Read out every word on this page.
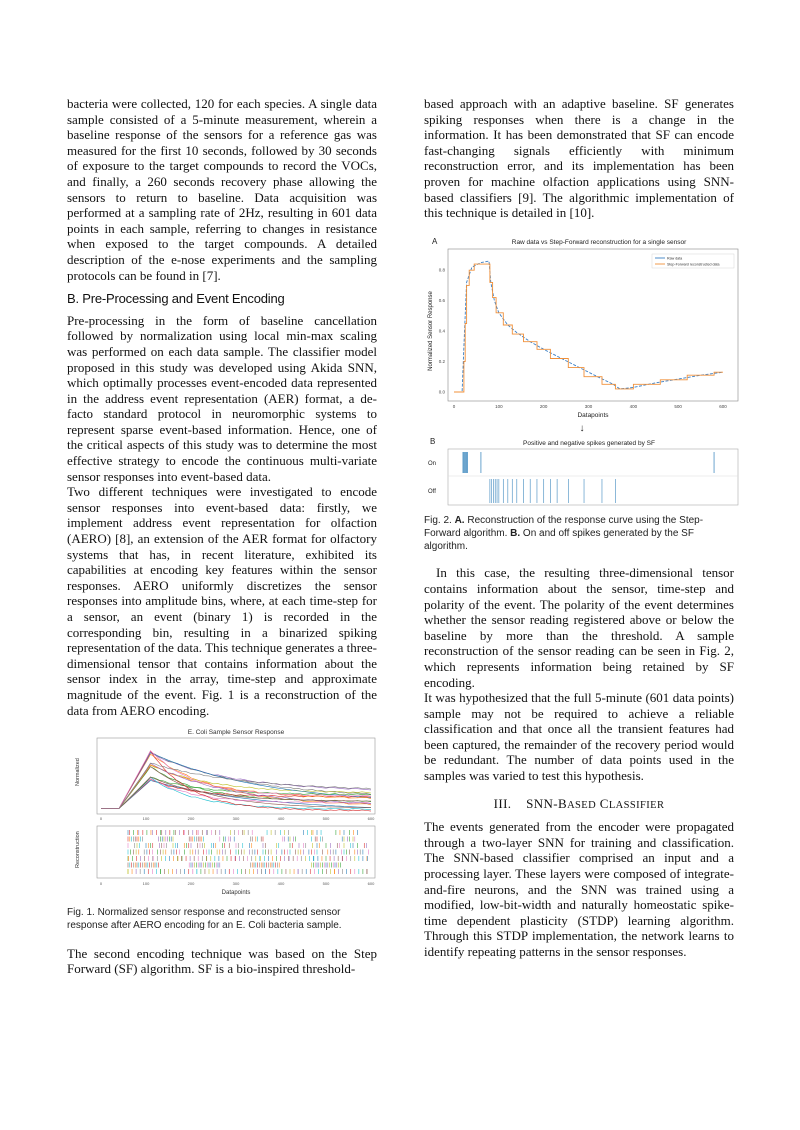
bacteria were collected, 120 for each species. A single data sample consisted of a 5-minute measurement, wherein a baseline response of the sensors for a reference gas was measured for the first 10 seconds, followed by 30 seconds of exposure to the target compounds to record the VOCs, and finally, a 260 seconds recovery phase allowing the sensors to return to baseline. Data acquisition was performed at a sampling rate of 2Hz, resulting in 601 data points in each sample, referring to changes in resistance when exposed to the target compounds. A detailed description of the e-nose experiments and the sampling protocols can be found in [7].

B. Pre-Processing and Event Encoding

Pre-processing in the form of baseline cancellation followed by normalization using local min-max scaling was performed on each data sample. The classifier model proposed in this study was developed using Akida SNN, which optimally processes event-encoded data represented in the address event representation (AER) format, a de-facto standard protocol in neuromorphic systems to represent sparse event-based information. Hence, one of the critical aspects of this study was to determine the most effective strategy to encode the continuous multi-variate sensor responses into event-based data.

Two different techniques were investigated to encode sensor responses into event-based data: firstly, we implement address event representation for olfaction (AERO) [8], an extension of the AER format for olfactory systems that has, in recent literature, exhibited its capabilities at encoding key features within the sensor responses. AERO uniformly discretizes the sensor responses into amplitude bins, where, at each time-step for a sensor, an event (binary 1) is recorded in the corresponding bin, resulting in a binarized spiking representation of the data. This technique generates a three-dimensional tensor that contains information about the sensor index in the array, time-step and approximate magnitude of the event. Fig. 1 is a reconstruction of the data from AERO encoding.

E. Coli Sample Sensor Response
Normalized
0	100	200	300	400	500	600
Reconstruction
0	100	200	300	400	500	600
Datapoints
Fig. 1. Normalized sensor response and reconstructed sensor response after AERO encoding for an E. Coli bacteria sample.

The second encoding technique was based on the Step Forward (SF) algorithm. SF is a bio-inspired threshold-

based approach with an adaptive baseline. SF generates spiking responses when there is a change in the information. It has been demonstrated that SF can encode fast-changing signals efficiently with minimum reconstruction error, and its implementation has been proven for machine olfaction applications using SNN-based classifiers [9]. The algorithmic implementation of this technique is detailed in [10].

A	Raw data vs Step-Forward reconstruction for a single sensor
Normalized Sensor Response
0	100	200	300	400	500	600
0.0
0.2
0.4
0.6
0.8
Raw data
Step-Forward reconstructed data
Datapoints
↓
B	Positive and negative spikes generated by SF
On
Off
Fig. 2. A. Reconstruction of the response curve using the Step-Forward algorithm. B. On and off spikes generated by the SF algorithm.

In this case, the resulting three-dimensional tensor contains information about the sensor, time-step and polarity of the event. The polarity of the event determines whether the sensor reading registered above or below the baseline by more than the threshold. A sample reconstruction of the sensor reading can be seen in Fig. 2, which represents information being retained by SF encoding.

It was hypothesized that the full 5-minute (601 data points) sample may not be required to achieve a reliable classification and that once all the transient features had been captured, the remainder of the recovery period would be redundant. The number of data points used in the samples was varied to test this hypothesis.

III. SNN-BASED CLASSIFIER

The events generated from the encoder were propagated through a two-layer SNN for training and classification. The SNN-based classifier comprised an input and a processing layer. These layers were composed of integrate-and-fire neurons, and the SNN was trained using a modified, low-bit-width and naturally homeostatic spike-time dependent plasticity (STDP) learning algorithm. Through this STDP implementation, the network learns to identify repeating patterns in the sensor responses.
